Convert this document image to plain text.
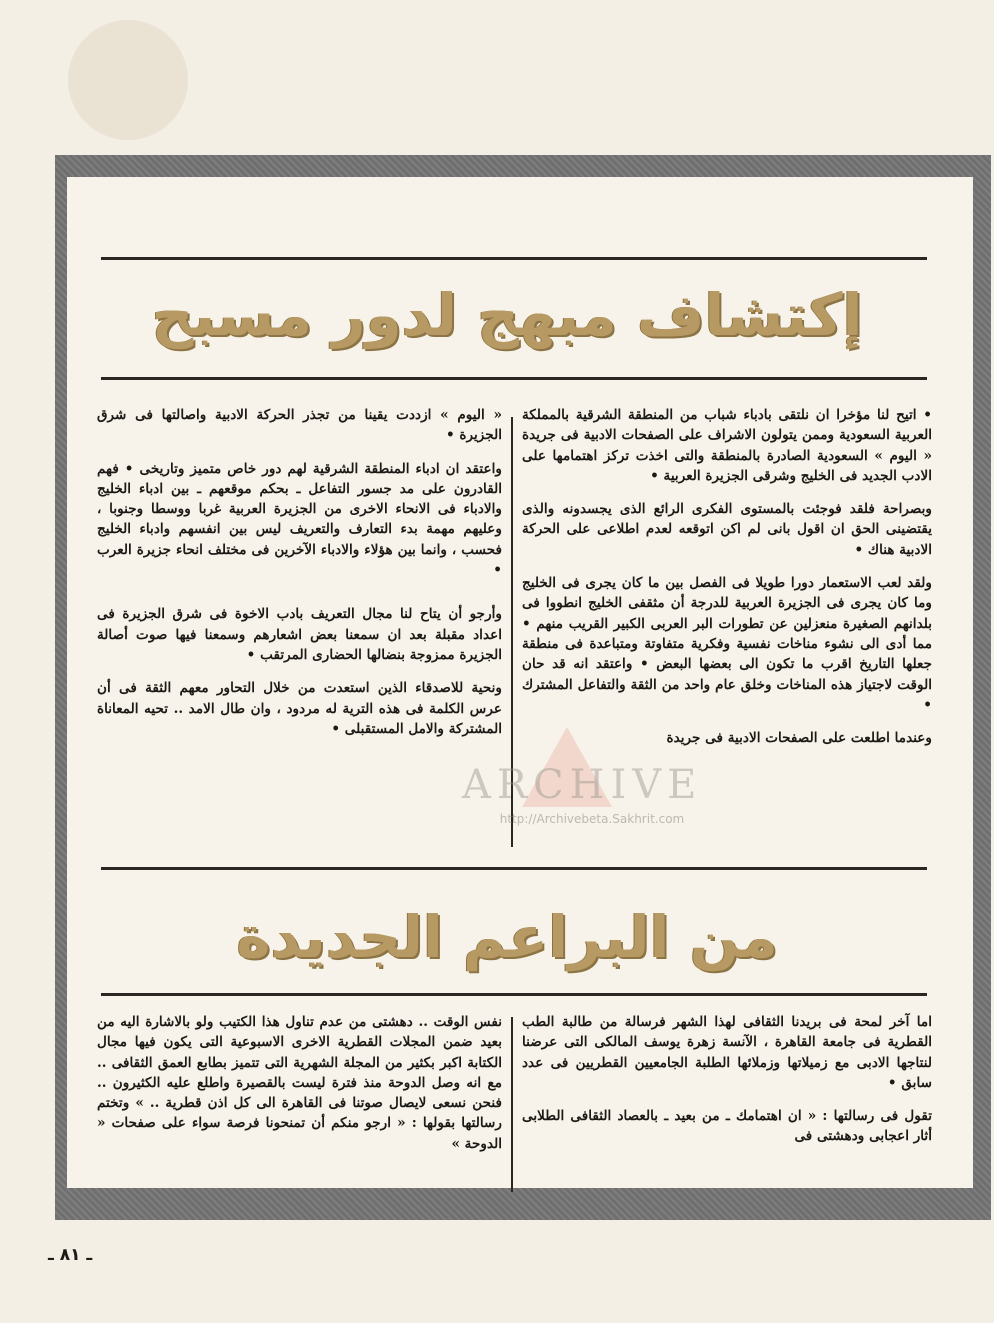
إكتشاف مبهج لدور مسبح

• اتيح لنا مؤخرا ان نلتقى بادباء شباب من المنطقة الشرقية بالمملكة العربية السعودية وممن يتولون الاشراف على الصفحات الادبية فى جريدة « اليوم » السعودية الصادرة بالمنطقة والتى اخذت تركز اهتمامها على الادب الجديد فى الخليج وشرقى الجزيرة العربية •

وبصراحة فلقد فوجئت بالمستوى الفكرى الرائع الذى يجسدونه والذى يقتضينى الحق ان اقول بانى لم اكن اتوقعه لعدم اطلاعى على الحركة الادبية هناك •

ولقد لعب الاستعمار دورا طويلا فى الفصل بين ما كان يجرى فى الخليج وما كان يجرى فى الجزيرة العربية للدرجة أن مثقفى الخليج انطووا فى بلدانهم الصغيرة منعزلين عن تطورات البر العربى الكبير القريب منهم • مما أدى الى نشوء مناخات نفسية وفكرية متفاوتة ومتباعدة فى منطقة جعلها التاريخ اقرب ما تكون الى بعضها البعض • واعتقد انه قد حان الوقت لاجتياز هذه المناخات وخلق عام واحد من الثقة والتفاعل المشترك •

وعندما اطلعت على الصفحات الادبية فى جريدة

« اليوم » ازددت يقينا من تجذر الحركة الادبية واصالتها فى شرق الجزيرة •

واعتقد ان ادباء المنطقة الشرقية لهم دور خاص متميز وتاريخى • فهم القادرون على مد جسور التفاعل ـ بحكم موقعهم ـ بين ادباء الخليج والادباء فى الانحاء الاخرى من الجزيرة العربية غربا ووسطا وجنوبا ، وعليهم مهمة بدء التعارف والتعريف ليس بين انفسهم وادباء الخليج فحسب ، وانما بين هؤلاء والادباء الآخرين فى مختلف انحاء جزيرة العرب •

وأرجو أن يتاح لنا مجال التعريف بادب الاخوة فى شرق الجزيرة فى اعداد مقبلة بعد ان سمعنا بعض اشعارهم وسمعنا فيها صوت أصالة الجزيرة ممزوجة بنضالها الحضارى المرتقب •

ونحية للاصدقاء الذين استعدت من خلال التحاور معهم الثقة فى أن عرس الكلمة فى هذه الترية له مردود ، وان طال الامد .. تحيه المعاناة المشتركة والامل المستقبلى •

من البراعم الجديدة

اما آخر لمحة فى بريدنا الثقافى لهذا الشهر فرسالة من طالبة الطب القطرية فى جامعة القاهرة ، الآنسة زهرة يوسف المالكى التى عرضنا لنتاجها الادبى مع زميلاتها وزملائها الطلبة الجامعيين القطريين فى عدد سابق •

تقول فى رسالتها : « ان اهتمامك ـ من بعيد ـ بالعصاد الثقافى الطلابى أثار اعجابى ودهشتى فى

نفس الوقت .. دهشتى من عدم تناول هذا الكتيب ولو بالاشارة اليه من بعيد ضمن المجلات القطرية الاخرى الاسبوعية التى يكون فيها مجال الكتابة اكبر بكثير من المجلة الشهرية التى تتميز بطابع العمق الثقافى .. مع انه وصل الدوحة منذ فترة ليست بالقصيرة واطلع عليه الكثيرون .. فنحن نسعى لايصال صوتنا فى القاهرة الى كل اذن قطرية .. » وتختم رسالتها بقولها : « ارجو منكم أن تمنحونا فرصة سواء على صفحات « الدوحة »

ARCHIVE
http://Archivebeta.Sakhrit.com
ـ ٨١ ـ
